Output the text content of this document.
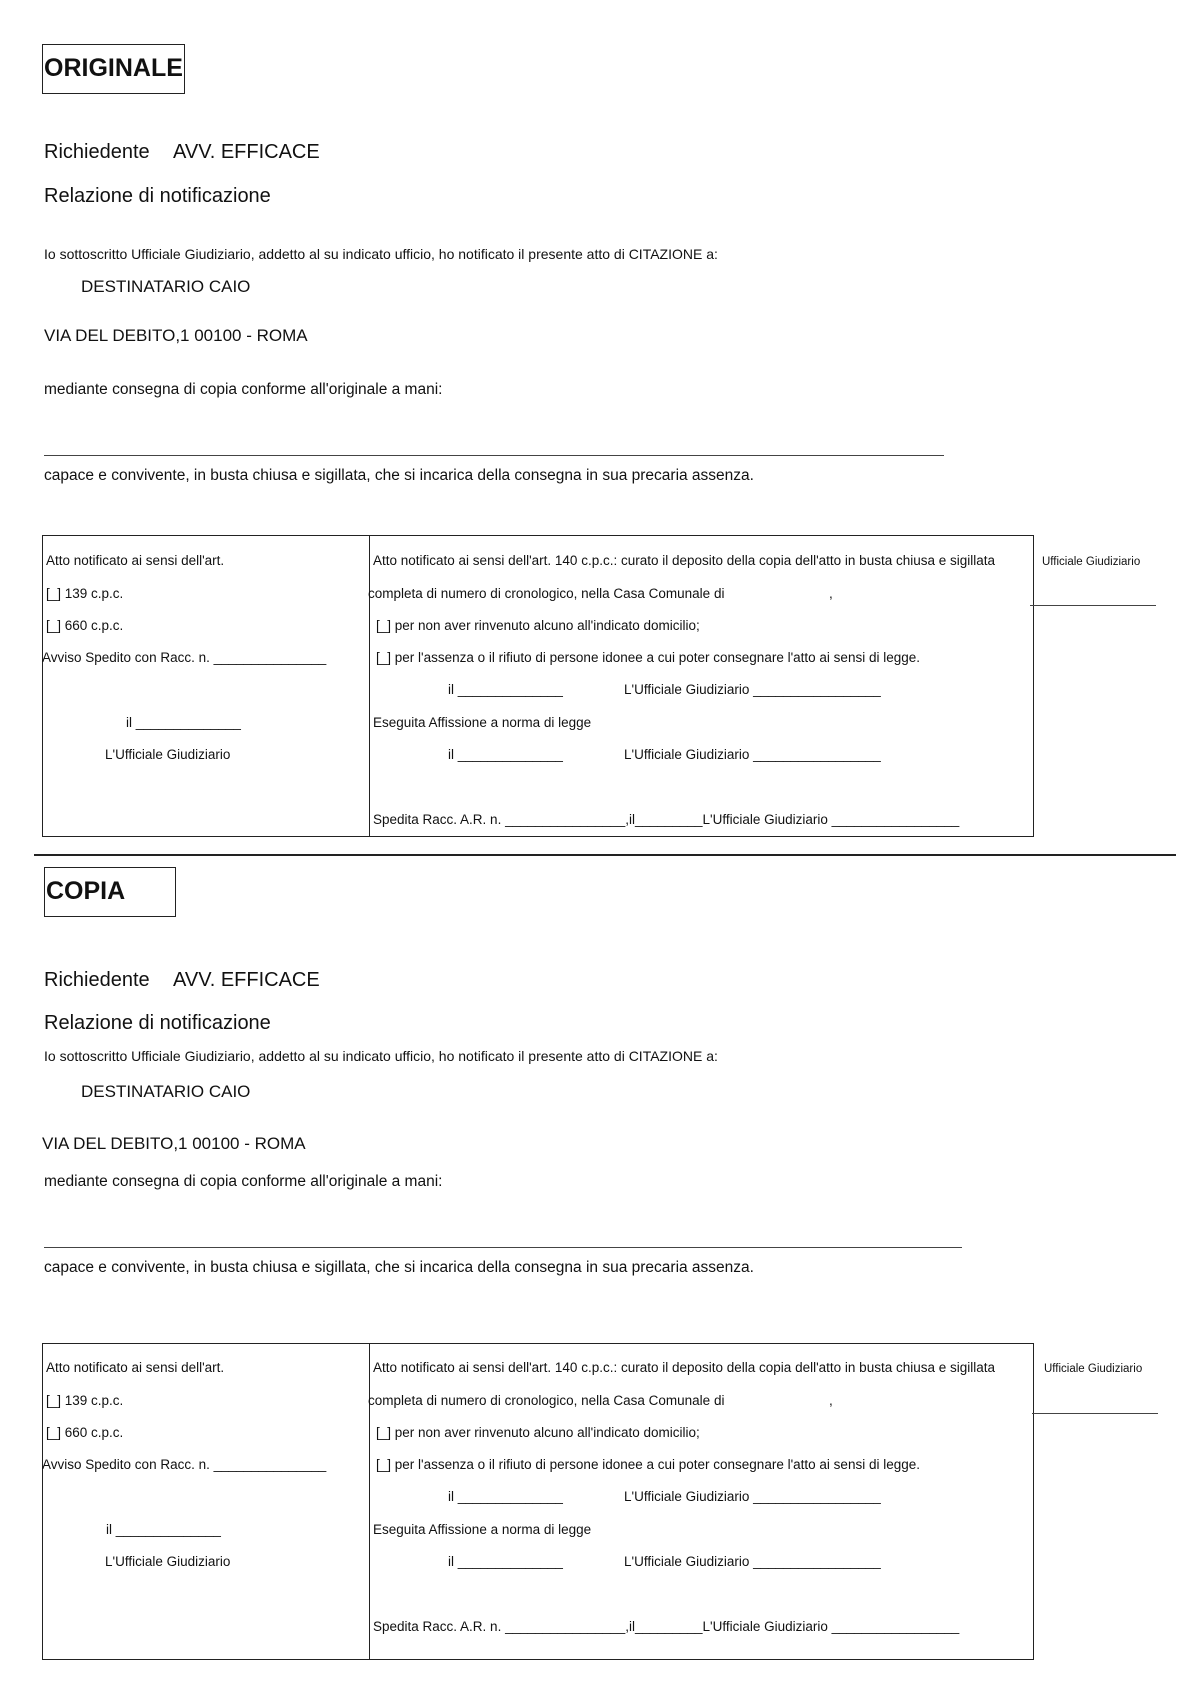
ORIGINALE
Richiedente AVV. EFFICACE
Relazione di notificazione
Io sottoscritto Ufficiale Giudiziario, addetto al su indicato ufficio, ho notificato il presente atto di CITAZIONE a:
DESTINATARIO CAIO
VIA DEL DEBITO,1 00100 - ROMA
mediante consegna di copia conforme all'originale a mani:
capace e convivente, in busta chiusa e sigillata, che si incarica della consegna in sua precaria assenza.
Atto notificato ai sensi dell'art.
[_] 139 c.p.c.
[_] 660 c.p.c.
Avviso Spedito con Racc. n. _______________
il ______________
L'Ufficiale Giudiziario
Atto notificato ai sensi dell'art. 140 c.p.c.: curato il deposito della copia dell'atto in busta chiusa e sigillata
completa di numero di cronologico, nella Casa Comunale di	,
[_] per non aver rinvenuto alcuno all'indicato domicilio;
[_] per l'assenza o il rifiuto di persone idonee a cui poter consegnare l'atto ai sensi di legge.
il ______________	L'Ufficiale Giudiziario _________________
Eseguita Affissione a norma di legge
il ______________	L'Ufficiale Giudiziario _________________
Spedita Racc. A.R. n. ________________,il_________L'Ufficiale Giudiziario _________________
Ufficiale Giudiziario
COPIA
Richiedente AVV. EFFICACE
Relazione di notificazione
Io sottoscritto Ufficiale Giudiziario, addetto al su indicato ufficio, ho notificato il presente atto di CITAZIONE a:
DESTINATARIO CAIO
VIA DEL DEBITO,1 00100 - ROMA
mediante consegna di copia conforme all'originale a mani:
capace e convivente, in busta chiusa e sigillata, che si incarica della consegna in sua precaria assenza.
Atto notificato ai sensi dell'art.
[_] 139 c.p.c.
[_] 660 c.p.c.
Avviso Spedito con Racc. n. _______________
il ______________
L'Ufficiale Giudiziario
Atto notificato ai sensi dell'art. 140 c.p.c.: curato il deposito della copia dell'atto in busta chiusa e sigillata
completa di numero di cronologico, nella Casa Comunale di	,
[_] per non aver rinvenuto alcuno all'indicato domicilio;
[_] per l'assenza o il rifiuto di persone idonee a cui poter consegnare l'atto ai sensi di legge.
il ______________	L'Ufficiale Giudiziario _________________
Eseguita Affissione a norma di legge
il ______________	L'Ufficiale Giudiziario _________________
Spedita Racc. A.R. n. ________________,il_________L'Ufficiale Giudiziario _________________
Ufficiale Giudiziario
